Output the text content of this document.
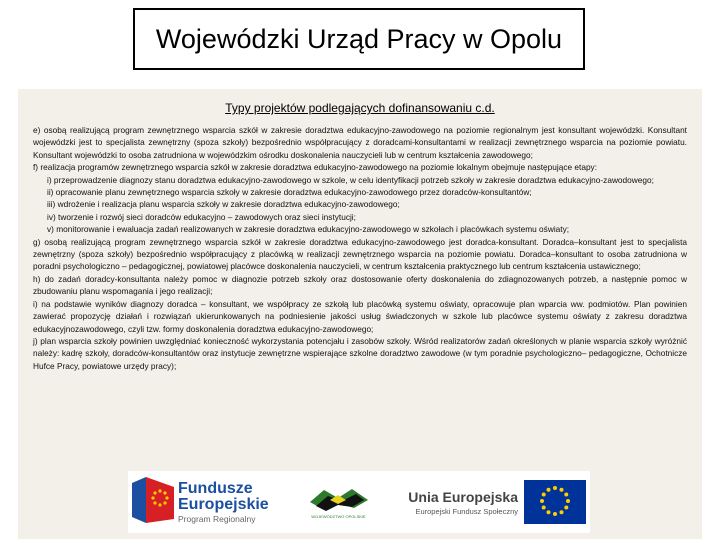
Wojewódzki Urząd Pracy w Opolu
Typy projektów podlegających dofinansowaniu c.d.

e) osobą realizującą program zewnętrznego wsparcia szkół w zakresie doradztwa edukacyjno-zawodowego na poziomie regionalnym jest konsultant wojewódzki. Konsultant wojewódzki jest to specjalista zewnętrzny (spoza szkoły) bezpośrednio współpracujący z doradcami-konsultantami w realizacji zewnętrznego wsparcia na poziomie powiatu. Konsultant wojewódzki to osoba zatrudniona w wojewódzkim ośrodku doskonalenia nauczycieli lub w centrum kształcenia zawodowego;

f) realizacja programów zewnętrznego wsparcia szkół w zakresie doradztwa edukacyjno-zawodowego na poziomie lokalnym obejmuje następujące etapy:

i) przeprowadzenie diagnozy stanu doradztwa edukacyjno-zawodowego w szkole, w celu identyfikacji potrzeb szkoły w zakresie doradztwa edukacyjno-zawodowego;

ii) opracowanie planu zewnętrznego wsparcia szkoły w zakresie doradztwa edukacyjno-zawodowego przez doradców-konsultantów;

iii) wdrożenie i realizacja planu wsparcia szkoły w zakresie doradztwa edukacyjno-zawodowego;

iv) tworzenie i rozwój sieci doradców edukacyjno – zawodowych oraz sieci instytucji;

v) monitorowanie i ewaluacja zadań realizowanych w zakresie doradztwa edukacyjno-zawodowego w szkołach i placówkach systemu oświaty;

g) osobą realizującą program zewnętrznego wsparcia szkół w zakresie doradztwa edukacyjno-zawodowego jest doradca-konsultant. Doradca–konsultant jest to specjalista zewnętrzny (spoza szkoły) bezpośrednio współpracujący z placówką w realizacji zewnętrznego wsparcia na poziomie powiatu. Doradca–konsultant to osoba zatrudniona w poradni psychologiczno – pedagogicznej, powiatowej placówce doskonalenia nauczycieli, w centrum kształcenia praktycznego lub centrum kształcenia ustawicznego;

h) do zadań doradcy-konsultanta należy pomoc w diagnozie potrzeb szkoły oraz dostosowanie oferty doskonalenia do zdiagnozowanych potrzeb, a następnie pomoc w zbudowaniu planu wspomagania i jego realizacji;

i) na podstawie wyników diagnozy doradca – konsultant, we współpracy ze szkołą lub placówką systemu oświaty, opracowuje plan wparcia ww. podmiotów. Plan powinien zawierać propozycję działań i rozwiązań ukierunkowanych na podniesienie jakości usług świadczonych w szkole lub placówce systemu oświaty z zakresu doradztwa edukacyjnozawodowego, czyli tzw. formy doskonalenia doradztwa edukacyjno-zawodowego;

j) plan wsparcia szkoły powinien uwzględniać konieczność wykorzystania potencjału i zasobów szkoły. Wśród realizatorów zadań określonych w planie wsparcia szkoły wyróżnić należy: kadrę szkoły, doradców-konsultantów oraz instytucje zewnętrzne wspierające szkolne doradztwo zawodowe (w tym poradnie psychologiczno– pedagogiczne, Ochotnicze Hufce Pracy, powiatowe urzędy pracy);

Fundusze
Europejskie
Program Regionalny	WOJEWÓDZTWO OPOLSKIE
Unia Europejska
Europejski Fundusz Społeczny
